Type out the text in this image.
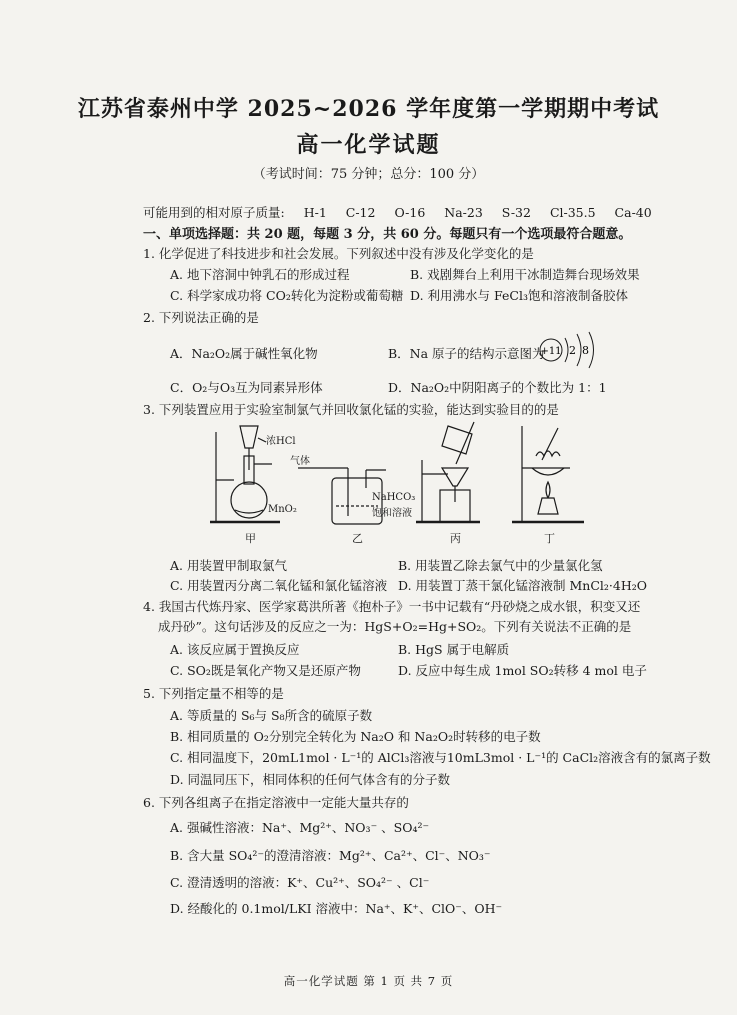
江苏省泰州中学 2025~2026 学年度第一学期期中考试
高一化学试题
（考试时间：75 分钟；总分：100 分）
可能用到的相对原子质量: H-1 C-12 O-16 Na-23 S-32 Cl-35.5 Ca-40
一、单项选择题：共 20 题，每题 3 分，共 60 分。每题只有一个选项最符合题意。
1. 化学促进了科技进步和社会发展。下列叙述中没有涉及化学变化的是
A. 地下溶洞中钟乳石的形成过程	B. 戏剧舞台上利用干冰制造舞台现场效果
C. 科学家成功将 CO₂转化为淀粉或葡萄糖 D. 利用沸水与 FeCl₃饱和溶液制备胶体
2. 下列说法正确的是
A．Na₂O₂属于碱性氧化物	B．Na 原子的结构示意图为
+11 2 8
C．O₂与O₃互为同素异形体	D．Na₂O₂中阴阳离子的个数比为 1：1
3. 下列装置应用于实验室制氯气并回收氯化锰的实验，能达到实验目的的是
浓HCl
MnO₂
气体
NaHCO₃
饱和溶液
甲	乙	丙	丁
A. 用装置甲制取氯气	B. 用装置乙除去氯气中的少量氯化氢
C. 用装置丙分离二氧化锰和氯化锰溶液 D. 用装置丁蒸干氯化锰溶液制 MnCl₂·4H₂O
4. 我国古代炼丹家、医学家葛洪所著《抱朴子》一书中记载有“丹砂烧之成水银，积变又还
成丹砂”。这句话涉及的反应之一为：HgS+O₂=Hg+SO₂。下列有关说法不正确的是
A. 该反应属于置换反应	B. HgS 属于电解质
C. SO₂既是氧化产物又是还原产物	D. 反应中每生成 1mol SO₂转移 4 mol 电子
5. 下列指定量不相等的是
A. 等质量的 S₆与 S₈所含的硫原子数
B. 相同质量的 O₂分别完全转化为 Na₂O 和 Na₂O₂时转移的电子数
C. 相同温度下，20mL1mol · L⁻¹的 AlCl₃溶液与10mL3mol · L⁻¹的 CaCl₂溶液含有的氯离子数
D. 同温同压下，相同体积的任何气体含有的分子数
6. 下列各组离子在指定溶液中一定能大量共存的
A. 强碱性溶液：Na⁺、Mg²⁺、NO₃⁻ 、SO₄²⁻
B. 含大量 SO₄²⁻的澄清溶液：Mg²⁺、Ca²⁺、Cl⁻、NO₃⁻
C. 澄清透明的溶液：K⁺、Cu²⁺、SO₄²⁻ 、Cl⁻
D. 经酸化的 0.1mol/LKI 溶液中：Na⁺、K⁺、ClO⁻、OH⁻
高一化学试题 第 1 页 共 7 页
